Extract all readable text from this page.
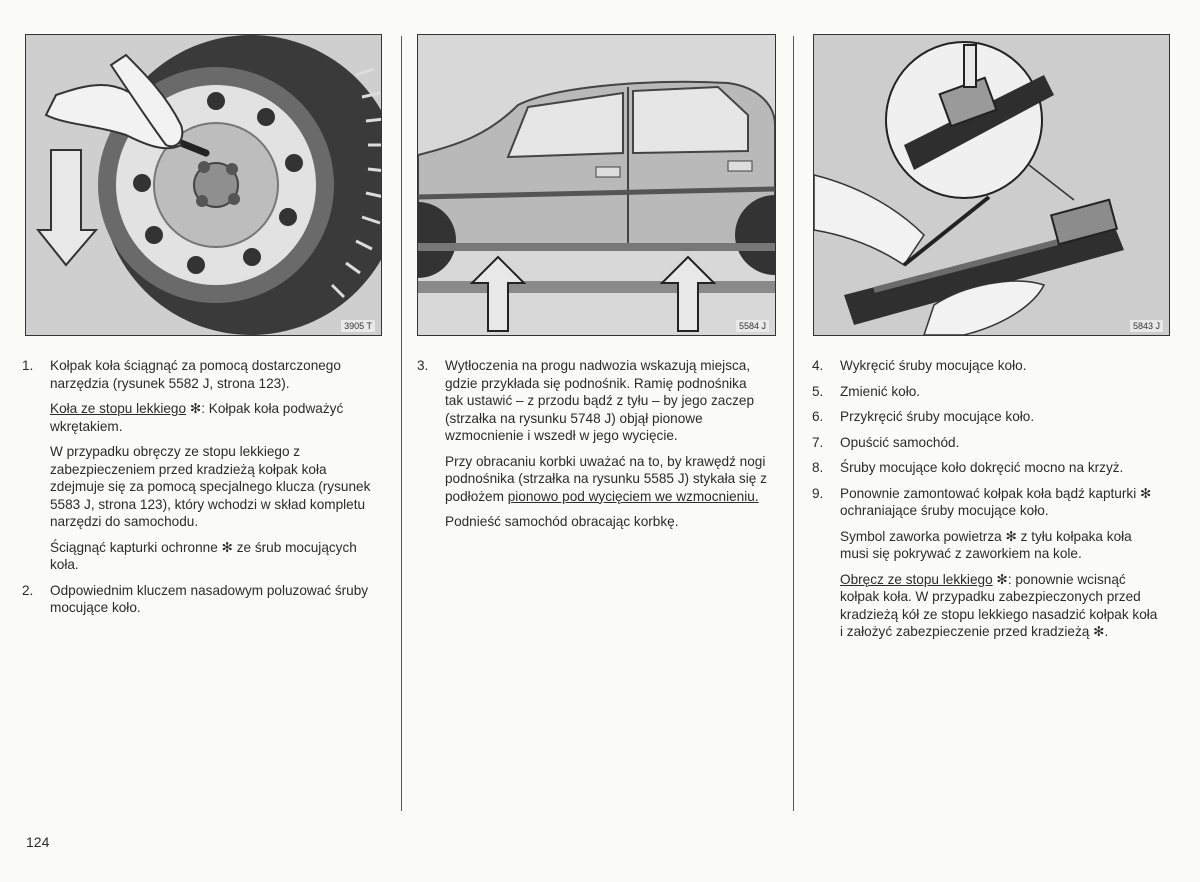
3905 T	5584 J	5843 J
1. Kołpak koła ściągnąć za pomocą dostarczonego narzędzia (rysunek 5582 J, strona 123).
Koła ze stopu lekkiego ✻: Kołpak koła podważyć wkrętakiem.
W przypadku obręczy ze stopu lekkiego z zabezpieczeniem przed kradzieżą kołpak koła zdejmuje się za pomocą specjalnego klucza (rysunek 5583 J, strona 123), który wchodzi w skład kompletu narzędzi do samochodu.
Ściągnąć kapturki ochronne ✻ ze śrub mocujących koła.
2. Odpowiednim kluczem nasadowym poluzować śruby mocujące koło.
3. Wytłoczenia na progu nadwozia wskazują miejsca, gdzie przykłada się podnośnik. Ramię podnośnika tak ustawić – z przodu bądź z tyłu – by jego zaczep (strzałka na rysunku 5748 J) objął pionowe wzmocnienie i wszedł w jego wycięcie.
Przy obracaniu korbki uważać na to, by krawędź nogi podnośnika (strzałka na rysunku 5585 J) stykała się z podłożem pionowo pod wycięciem we wzmocnieniu.
Podnieść samochód obracając korbkę.
4. Wykręcić śruby mocujące koło.
5. Zmienić koło.
6. Przykręcić śruby mocujące koło.
7. Opuścić samochód.
8. Śruby mocujące koło dokręcić mocno na krzyż.
9. Ponownie zamontować kołpak koła bądź kapturki ✻ ochraniające śruby mocujące koło.
Symbol zaworka powietrza ✻ z tyłu kołpaka koła musi się pokrywać z zaworkiem na kole.
Obręcz ze stopu lekkiego ✻: ponownie wcisnąć kołpak koła. W przypadku zabezpieczonych przed kradzieżą kół ze stopu lekkiego nasadzić kołpak koła i założyć zabezpieczenie przed kradzieżą ✻.
124
